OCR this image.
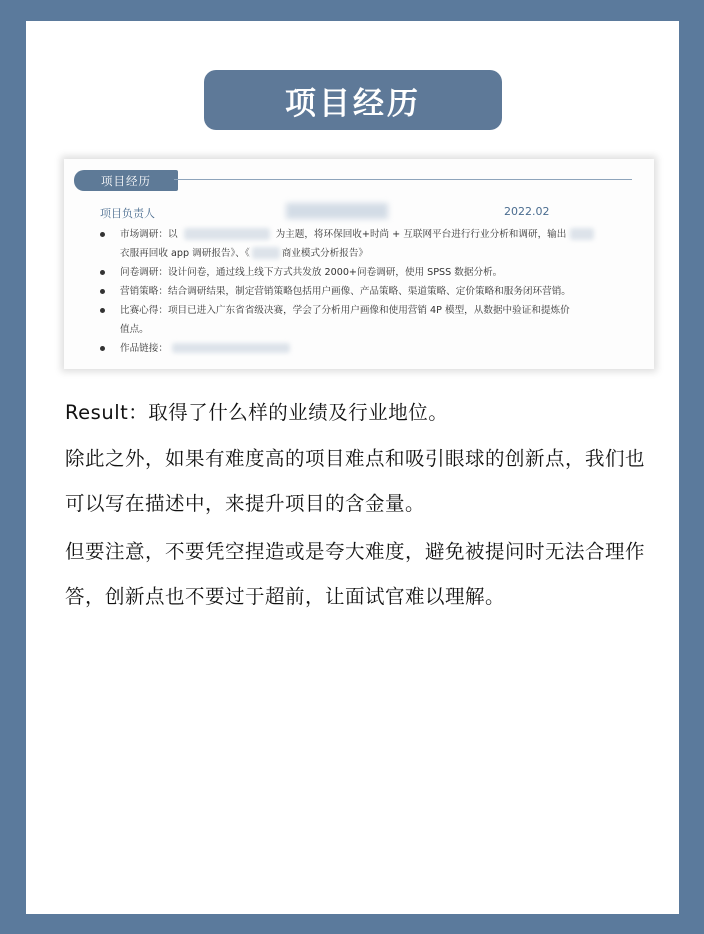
项目经历
项目经历
项目负责人	2022.02
市场调研：以	为主题，将环保回收+时尚 + 互联网平台进行行业分析和调研，输出
衣服再回收 app 调研报告》、《	商业模式分析报告》
问卷调研：设计问卷，通过线上线下方式共发放 2000+问卷调研，使用 SPSS 数据分析。
营销策略：结合调研结果，制定营销策略包括用户画像、产品策略、渠道策略、定价策略和服务闭环营销。
比赛心得：项目已进入广东省省级决赛，学会了分析用户画像和使用营销 4P 模型，从数据中验证和提炼价
值点。
作品链接：
Result：取得了什么样的业绩及行业地位。
除此之外，如果有难度高的项目难点和吸引眼球的创新点，我们也
可以写在描述中，来提升项目的含金量。
但要注意，不要凭空捏造或是夸大难度，避免被提问时无法合理作
答，创新点也不要过于超前，让面试官难以理解。
